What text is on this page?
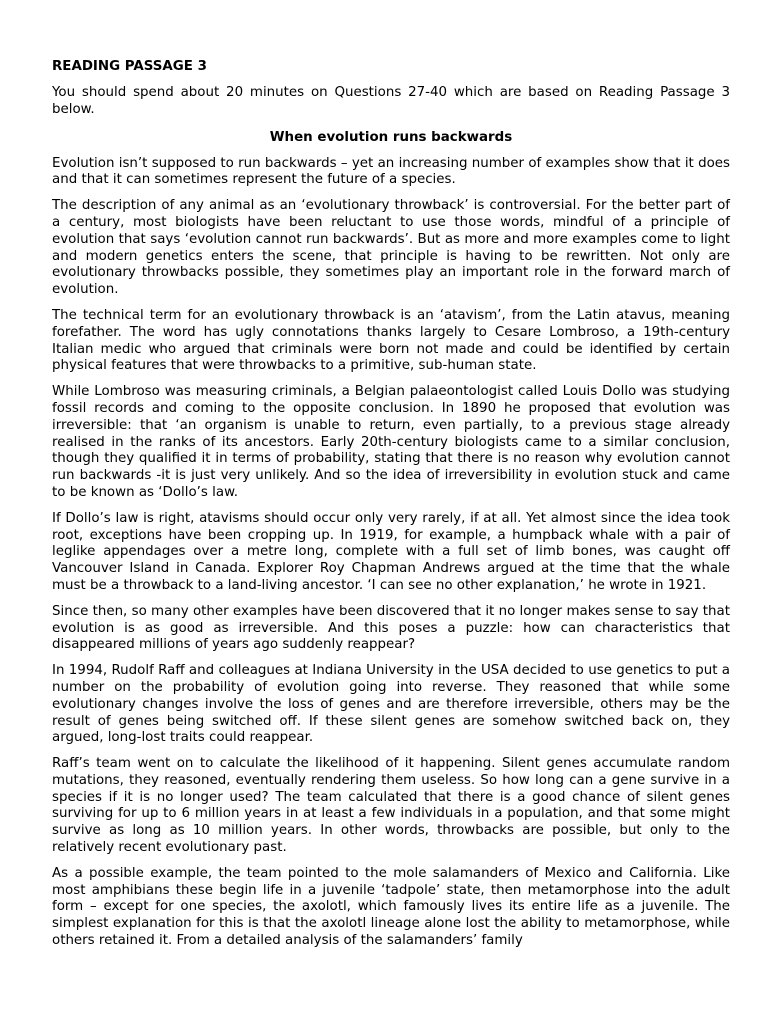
READING PASSAGE 3
You should spend about 20 minutes on Questions 27-40 which are based on Reading Passage 3 below.
When evolution runs backwards

Evolution isn’t supposed to run backwards – yet an increasing number of examples show that it does and that it can sometimes represent the future of a species.

The description of any animal as an ‘evolutionary throwback’ is controversial. For the better part of a century, most biologists have been reluctant to use those words, mindful of a principle of evolution that says ‘evolution cannot run backwards’. But as more and more examples come to light and modern genetics enters the scene, that principle is having to be rewritten. Not only are evolutionary throwbacks possible, they sometimes play an important role in the forward march of evolution.

The technical term for an evolutionary throwback is an ‘atavism’, from the Latin atavus, meaning forefather. The word has ugly connotations thanks largely to Cesare Lombroso, a 19th-century Italian medic who argued that criminals were born not made and could be identified by certain physical features that were throwbacks to a primitive, sub-human state.

While Lombroso was measuring criminals, a Belgian palaeontologist called Louis Dollo was studying fossil records and coming to the opposite conclusion. In 1890 he proposed that evolution was irreversible: that ‘an organism is unable to return, even partially, to a previous stage already realised in the ranks of its ancestors. Early 20th-century biologists came to a similar conclusion, though they qualified it in terms of probability, stating that there is no reason why evolution cannot run backwards -it is just very unlikely. And so the idea of irreversibility in evolution stuck and came to be known as ‘Dollo’s law.

If Dollo’s law is right, atavisms should occur only very rarely, if at all. Yet almost since the idea took root, exceptions have been cropping up. In 1919, for example, a humpback whale with a pair of leglike appendages over a metre long, complete with a full set of limb bones, was caught off Vancouver Island in Canada. Explorer Roy Chapman Andrews argued at the time that the whale must be a throwback to a land-living ancestor. ‘I can see no other explanation,’ he wrote in 1921.

Since then, so many other examples have been discovered that it no longer makes sense to say that evolution is as good as irreversible. And this poses a puzzle: how can characteristics that disappeared millions of years ago suddenly reappear?

In 1994, Rudolf Raff and colleagues at Indiana University in the USA decided to use genetics to put a number on the probability of evolution going into reverse. They reasoned that while some evolutionary changes involve the loss of genes and are therefore irreversible, others may be the result of genes being switched off. If these silent genes are somehow switched back on, they argued, long-lost traits could reappear.

Raff’s team went on to calculate the likelihood of it happening. Silent genes accumulate random mutations, they reasoned, eventually rendering them useless. So how long can a gene survive in a species if it is no longer used? The team calculated that there is a good chance of silent genes surviving for up to 6 million years in at least a few individuals in a population, and that some might survive as long as 10 million years. In other words, throwbacks are possible, but only to the relatively recent evolutionary past.

As a possible example, the team pointed to the mole salamanders of Mexico and California. Like most amphibians these begin life in a juvenile ‘tadpole’ state, then metamorphose into the adult form – except for one species, the axolotl, which famously lives its entire life as a juvenile. The simplest explanation for this is that the axolotl lineage alone lost the ability to metamorphose, while others retained it. From a detailed analysis of the salamanders’ family
